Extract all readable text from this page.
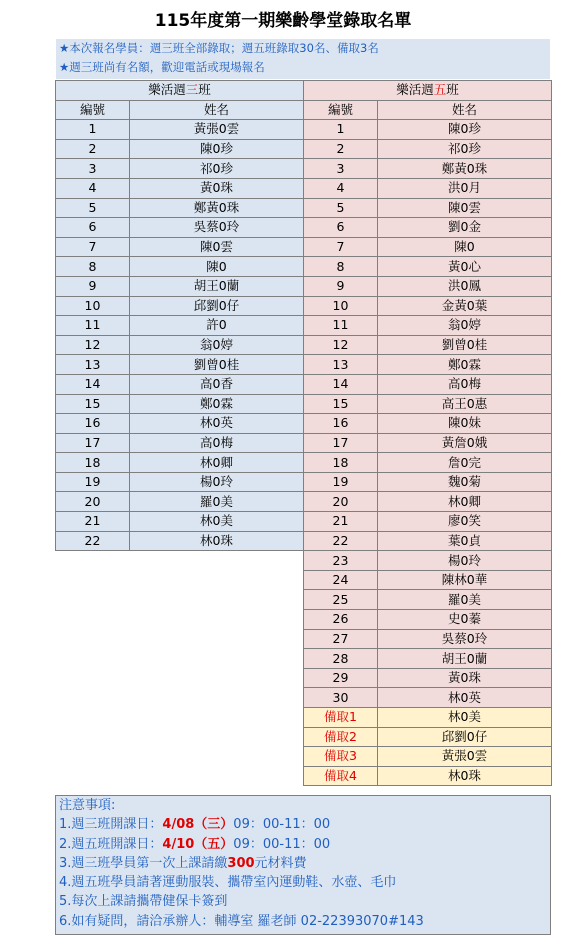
115年度第一期樂齡學堂錄取名單
★本次報名學員：週三班全部錄取；週五班錄取30名、備取3名
★週三班尚有名額，歡迎電話或現場報名
樂活週三班	
編號	姓名
1	黃張0雲
2	陳0珍
3	祁0珍
4	黃0珠
5	鄭黃0珠
6	吳蔡0玲
7	陳0雲
8	陳0
9	胡王0蘭
10	邱劉0仔
11	許0
12	翁0婷
13	劉曾0桂
14	高0香
15	鄭0霖
16	林0英
17	高0梅
18	林0卿
19	楊0玲
20	羅0美
21	林0美
22	林0珠
樂活週五班	
編號	姓名
1	陳0珍
2	祁0珍
3	鄭黃0珠
4	洪0月
5	陳0雲
6	劉0金
7	陳0
8	黃0心
9	洪0鳳
10	金黃0葉
11	翁0婷
12	劉曾0桂
13	鄭0霖
14	高0梅
15	高王0惠
16	陳0妹
17	黃詹0娥
18	詹0完
19	魏0菊
20	林0卿
21	廖0笑
22	葉0貞
23	楊0玲
24	陳林0華
25	羅0美
26	史0蓁
27	吳蔡0玲
28	胡王0蘭
29	黃0珠
30	林0英
備取1	林0美
備取2	邱劉0仔
備取3	黃張0雲
備取4	林0珠
注意事項:
1.週三班開課日：4/08（三）09：00-11：00
2.週五班開課日：4/10（五）09：00-11：00
3.週三班學員第一次上課請繳300元材料費
4.週五班學員請著運動服裝、攜帶室內運動鞋、水壺、毛巾
5.每次上課請攜帶健保卡簽到
6.如有疑問，請洽承辦人：輔導室 羅老師 02-22393070#143
